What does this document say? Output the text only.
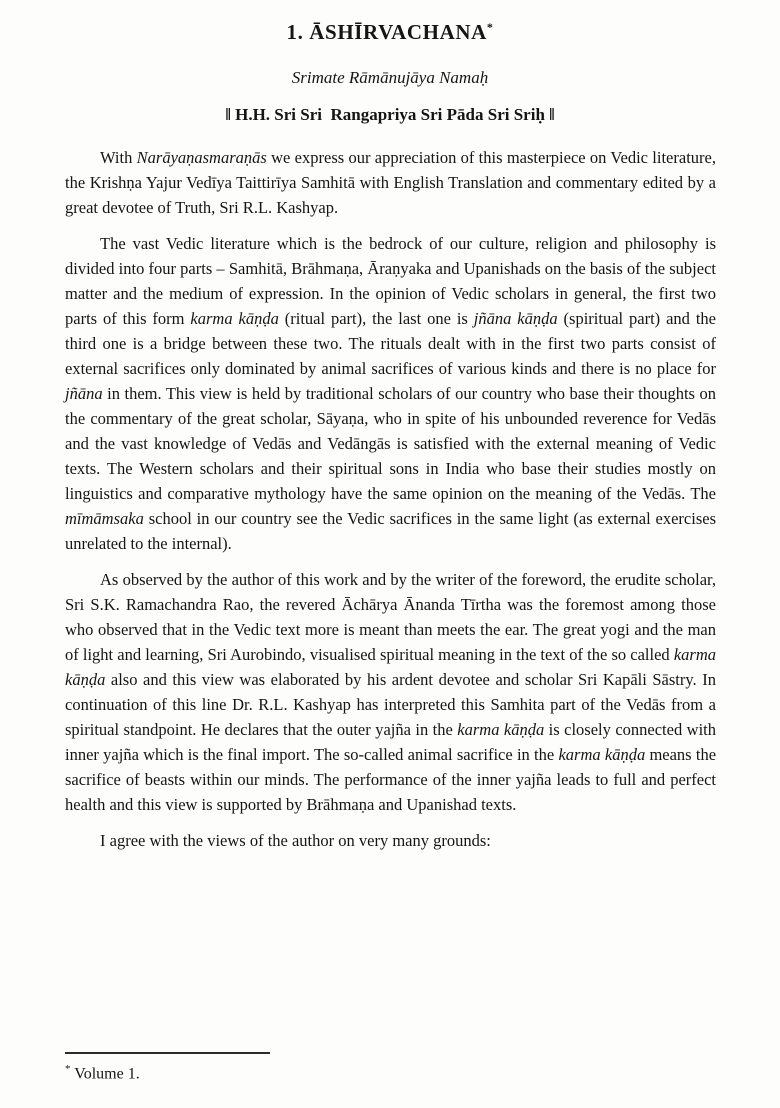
1. ĀSHĪRVACHANA*

Srimate Rāmānujāya Namaḥ

‖ H.H. Sri Sri  Rangapriya Sri Pāda Sri Sriḥ ‖

With Narāyaṇasmaraṇās we express our appreciation of this masterpiece on Vedic literature, the Krishṇa Yajur Vedīya Taittirīya Samhitā with English Translation and commentary edited by a great devotee of Truth, Sri R.L. Kashyap.

The vast Vedic literature which is the bedrock of our culture, religion and philosophy is divided into four parts – Samhitā, Brāhmaṇa, Āraṇyaka and Upanishads on the basis of the subject matter and the medium of expression. In the opinion of Vedic scholars in general, the first two parts of this form karma kāṇḍa (ritual part), the last one is jñāna kāṇḍa (spiritual part) and the third one is a bridge between these two. The rituals dealt with in the first two parts consist of external sacrifices only dominated by animal sacrifices of various kinds and there is no place for jñāna in them. This view is held by traditional scholars of our country who base their thoughts on the commentary of the great scholar, Sāyaṇa, who in spite of his unbounded reverence for Vedās and the vast knowledge of Vedās and Vedāngās is satisfied with the external meaning of Vedic texts. The Western scholars and their spiritual sons in India who base their studies mostly on linguistics and comparative mythology have the same opinion on the meaning of the Vedās. The mīmāmsaka school in our country see the Vedic sacrifices in the same light (as external exercises unrelated to the internal).

As observed by the author of this work and by the writer of the foreword, the erudite scholar, Sri S.K. Ramachandra Rao, the revered Āchārya Ānanda Tīrtha was the foremost among those who observed that in the Vedic text more is meant than meets the ear. The great yogi and the man of light and learning, Sri Aurobindo, visualised spiritual meaning in the text of the so called karma kāṇḍa also and this view was elaborated by his ardent devotee and scholar Sri Kapāli Sāstry. In continuation of this line Dr. R.L. Kashyap has interpreted this Samhita part of the Vedās from a spiritual standpoint. He declares that the outer yajña in the karma kāṇḍa is closely connected with inner yajña which is the final import. The so-called animal sacrifice in the karma kāṇḍa means the sacrifice of beasts within our minds. The performance of the inner yajña leads to full and perfect health and this view is supported by Brāhmaṇa and Upanishad texts.

I agree with the views of the author on very many grounds:

* Volume 1.
